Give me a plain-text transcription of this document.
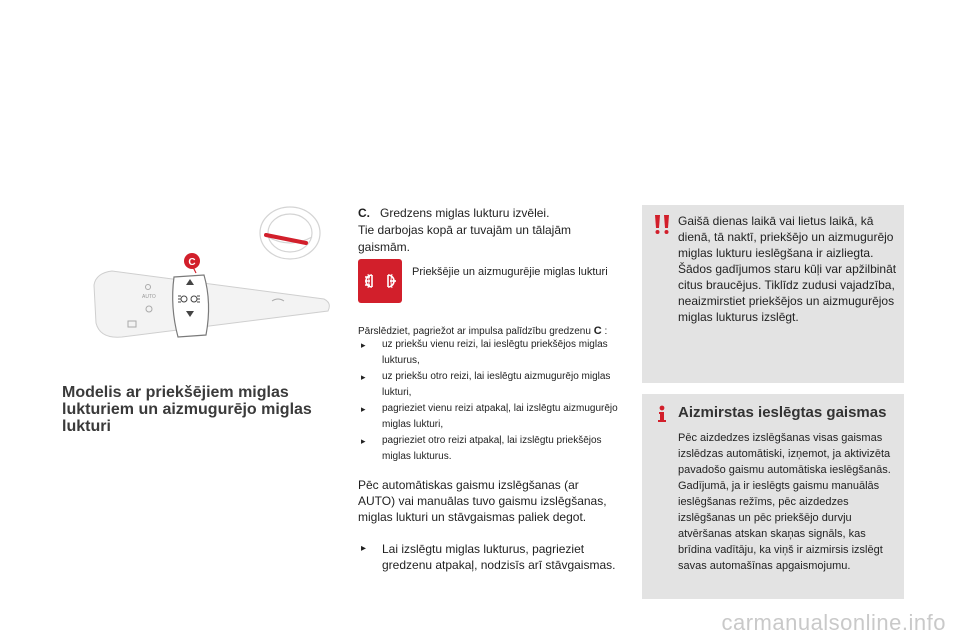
AUTO
C
Modelis ar priekšējiem miglas lukturiem un aizmugurējo miglas lukturi
C. Gredzens miglas lukturu izvēlei.
Tie darbojas kopā ar tuvajām un tālajām gaismām.
Priekšējie un aizmugurējie miglas lukturi
Pārslēdziet, pagriežot ar impulsa palīdzību gredzenu C :
▸ uz priekšu vienu reizi, lai ieslēgtu priekšējos miglas lukturus,
▸ uz priekšu otro reizi, lai ieslēgtu aizmugurējo miglas lukturi,
▸ pagrieziet vienu reizi atpakaļ, lai izslēgtu aizmugurējo miglas lukturi,
▸ pagrieziet otro reizi atpakaļ, lai izslēgtu priekšējos miglas lukturus.
Pēc automātiskas gaismu izslēgšanas (ar AUTO) vai manuālas tuvo gaismu izslēgšanas, miglas lukturi un stāvgaismas paliek degot.
▸ Lai izslēgtu miglas lukturus, pagrieziet gredzenu atpakaļ, nodzisīs arī stāvgaismas.
Gaišā dienas laikā vai lietus laikā, kā dienā, tā naktī, priekšējo un aizmugurējo miglas lukturu ieslēgšana ir aizliegta. Šādos gadījumos staru kūļi var apžilbināt citus braucējus. Tiklīdz zudusi vajadzība, neaizmirstiet priekšējos un aizmugurējos miglas lukturus izslēgt.
Aizmirstas ieslēgtas gaismas
Pēc aizdedzes izslēgšanas visas gaismas izslēdzas automātiski, izņemot, ja aktivizēta pavadošo gaismu automātiska ieslēgšanās. Gadījumā, ja ir ieslēgts gaismu manuālās ieslēgšanas režīms, pēc aizdedzes izslēgšanas un pēc priekšējo durvju atvēršanas atskan skaņas signāls, kas brīdina vadītāju, ka viņš ir aizmirsis izslēgt savas automašīnas apgaismojumu.
carmanualsonline.info
